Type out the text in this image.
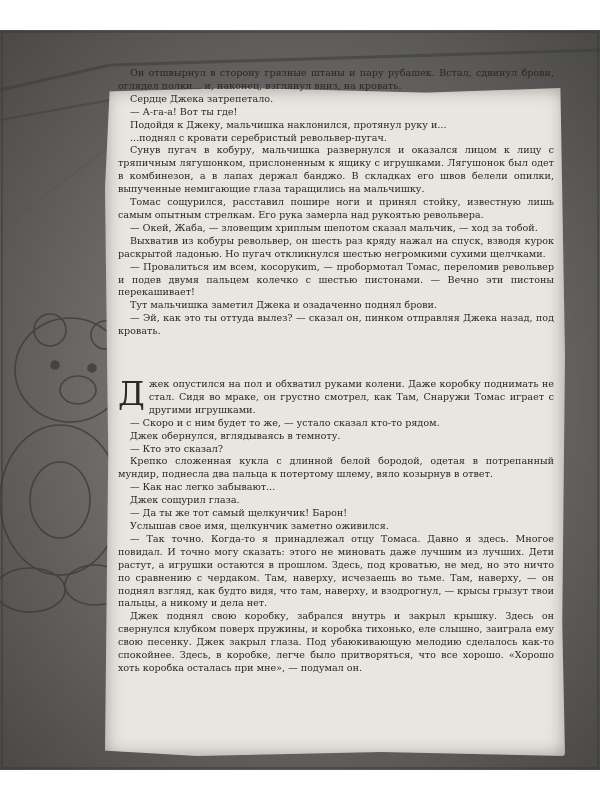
Он отшвырнул в сторону грязные штаны и пару рубашек. Встал, сдвинул брови, оглядел полки... и, наконец, взглянул вниз, на кровать.

Сердце Джека затрепетало.

— А-га-а! Вот ты где!

Подойдя к Джеку, мальчишка наклонился, протянул руку и...

...поднял с кровати серебристый револьвер-пугач.

Сунув пугач в кобуру, мальчишка развернулся и оказался лицом к лицу с тряпичным лягушонком, прислоненным к ящику с игрушками. Лягушонок был одет в комбинезон, а в лапах держал банджо. В складках его швов белели опилки, выпученные немигающие глаза таращились на мальчишку.

Томас сощурился, расставил пошире ноги и принял стойку, известную лишь самым опытным стрелкам. Его рука замерла над рукоятью револьвера.

— Окей, Жаба, — зловещим хриплым шепотом сказал мальчик, — ход за тобой.

Выхватив из кобуры револьвер, он шесть раз кряду нажал на спуск, взводя курок раскрытой ладонью. Но пугач откликнулся шестью негромкими сухими щелчками.

— Провалиться им всем, косорукиm, — пробормотал Томас, переломив револьвер и подев двумя пальцем колечко с шестью пистонами. — Вечно эти пистоны перекашивает!

Тут мальчишка заметил Джека и озадаченно поднял брови.

— Эй, как это ты оттуда вылез? — сказал он, пинком отправляя Джека назад, под кровать.

Джек опустился на пол и обхватил руками колени. Даже коробку поднимать не стал. Сидя во мраке, он грустно смотрел, как Там, Снаружи Томас играет с другими игрушками.

— Скоро и с ним будет то же, — устало сказал кто-то рядом.

Джек обернулся, вглядываясь в темноту.

— Кто это сказал?

Крепко сложенная кукла с длинной белой бородой, одетая в потрепанный мундир, поднесла два пальца к потертому шлему, вяло козырнув в ответ.

— Как нас легко забывают...

Джек сощурил глаза.

— Да ты же тот самый щелкунчик! Барон!

Услышав свое имя, щелкунчик заметно оживился.

— Так точно. Когда-то я принадлежал отцу Томаса. Давно я здесь. Многое повидал. И точно могу сказать: этого не миновать даже лучшим из лучших. Дети растут, а игрушки остаются в прошлом. Здесь, под кроватью, не мед, но это ничто по сравнению с чердаком. Там, наверху, исчезаешь во тьме. Там, наверху, — он поднял взгляд, как будто видя, что там, наверху, и взодрогнул, — крысы грызут твои пальцы, а никому и дела нет.

Джек поднял свою коробку, забрался внутрь и закрыл крышку. Здесь он свернулся клубком поверх пружины, и коробка тихонько, еле слышно, заиграла ему свою песенку. Джек закрыл глаза. Под убаюкивающую мелодию сделалось как-то спокойнее. Здесь, в коробке, легче было притворяться, что все хорошо. «Хорошо хоть коробка осталась при мне», — подумал он.
